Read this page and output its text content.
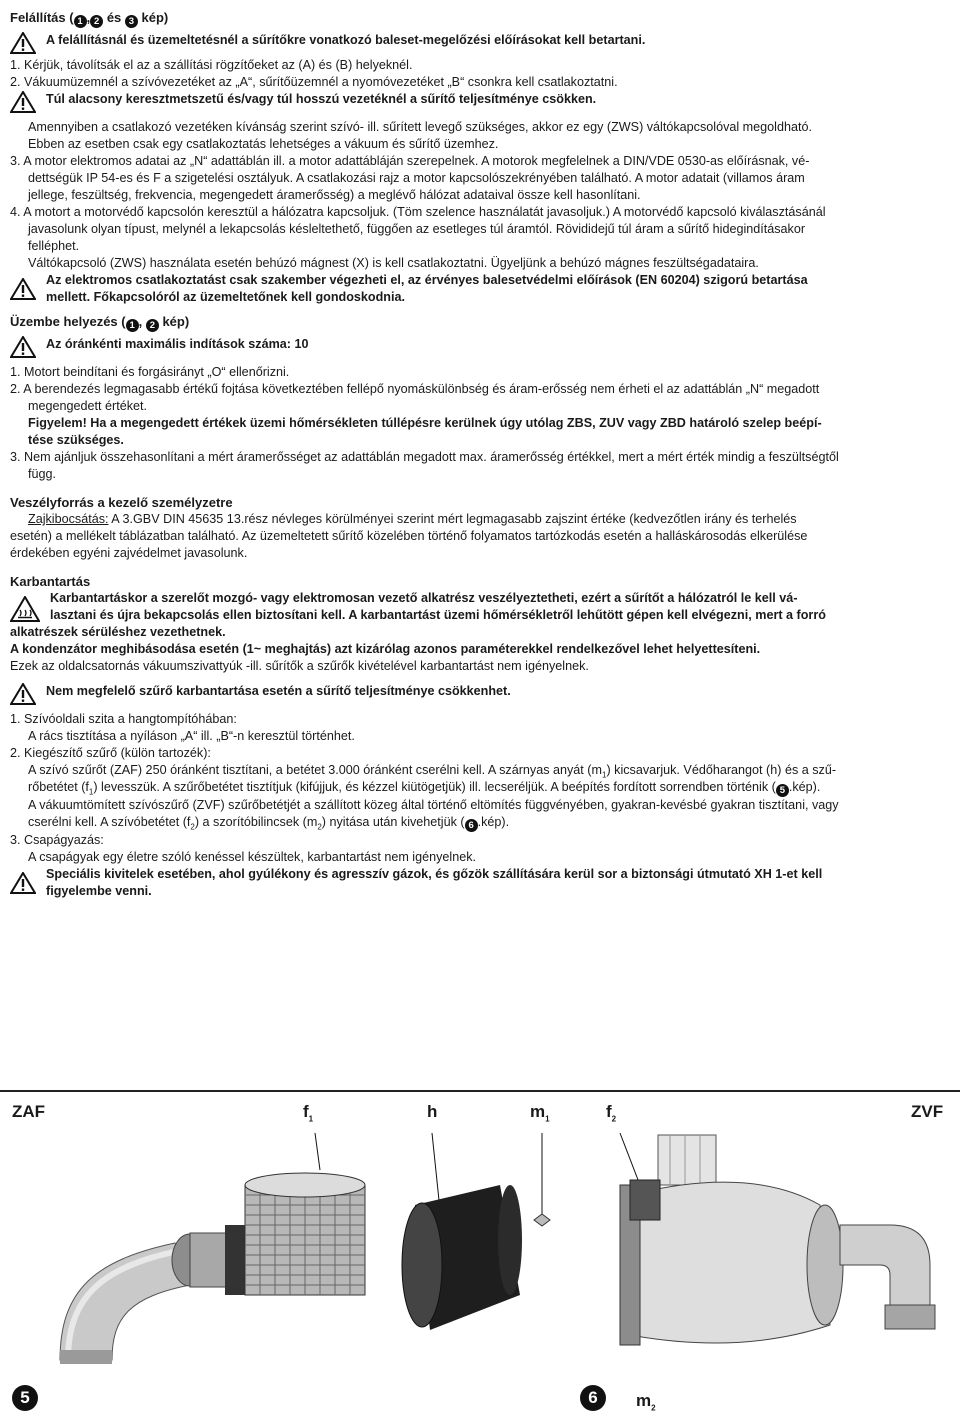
Felállítás ( 1 , 2 és 3 kép)

A felállításnál és üzemeltetésnél a sűrítőkre vonatkozó baleset-megelőzési előírásokat kell betartani.

1. Kérjük, távolítsák el az a szállítási rögzítőeket az (A) és (B) helyeknél.

2. Vákuumüzemnél a szívóvezetéket az „A“, sűrítőüzemnél a nyomóvezetéket „B“ csonkra kell csatlakoztatni.

Túl alacsony keresztmetszetű és/vagy túl hosszú vezetéknél a sűrítő teljesítménye csökken.

Amennyiben a csatlakozó vezetéken kívánság szerint szívó- ill. sűrített levegő szükséges, akkor ez egy (ZWS) váltókapcsolóval megoldható.

Ebben az esetben csak egy csatlakoztatás lehetséges a vákuum és sűrítő üzemhez.

3. A motor elektromos adatai az „N“ adattáblán ill. a motor adattábláján szerepelnek. A motorok megfelelnek a DIN/VDE 0530-as előírásnak, vé-

dettségük IP 54-es és F a szigetelési osztályuk. A csatlakozási rajz a motor kapcsolószekrényében található. A motor adatait (villamos áram

jellege, feszültség, frekvencia, megengedett áramerősség) a meglévő hálózat adataival össze kell hasonlítani.

4. A motort a motorvédő kapcsolón keresztül a hálózatra kapcsoljuk. (Töm szelence használatát javasoljuk.) A motorvédő kapcsoló kiválasztásánál

javasolunk olyan típust, melynél a lekapcsolás késleltethető, függően az esetleges túl áramtól. Rövididejű túl áram a sűrítő hidegindításakor

felléphet.

Váltókapcsoló (ZWS) használata esetén behúzó mágnest (X) is kell csatlakoztatni. Ügyeljünk a behúzó mágnes feszültségadataira.

Az elektromos csatlakoztatást csak szakember végezheti el, az érvényes balesetvédelmi előírások (EN 60204) szigorú betartása

mellett. Főkapcsolóról az üzemeltetőnek kell gondoskodnia.

Üzembe helyezés ( 1 , 2 kép)

Az óránkénti maximális indítások száma: 10

1. Motort beindítani és forgásirányt „O“ ellenőrizni.

2. A berendezés legmagasabb értékű fojtása következtében fellépő nyomáskülönbség és áram-erősség nem érheti el az adattáblán „N“ megadott

megengedett értéket.

Figyelem! Ha a megengedett értékek üzemi hőmérsékleten túllépésre kerülnek úgy utólag ZBS, ZUV vagy ZBD határoló szelep beépí-

tése szükséges.

3. Nem ajánljuk összehasonlítani a mért áramerősséget az adattáblán megadott max. áramerősség értékkel, mert a mért érték mindig a feszültségtől

függ.

Veszélyforrás a kezelő személyzetre

Zajkibocsátás: A 3.GBV DIN 45635 13.rész névleges körülményei szerint mért legmagasabb zajszint értéke (kedvezőtlen irány és terhelés

esetén) a mellékelt táblázatban található. Az üzemeltetett sűrítő közelében történő folyamatos tartózkodás esetén a halláskárosodás elkerülése

érdekében egyéni zajvédelmet javasolunk.

Karbantartás

Karbantartáskor a szerelőt mozgó- vagy elektromosan vezető alkatrész veszélyeztetheti, ezért a sűrítőt a hálózatról le kell vá-

lasztani és újra bekapcsolás ellen biztosítani kell. A karbantartást üzemi hőmérsékletről lehűtött gépen kell elvégezni, mert a forró

alkatrészek sérüléshez vezethetnek.

A kondenzátor meghibásodása esetén (1~ meghajtás) azt kizárólag azonos paraméterekkel rendelkezővel lehet helyettesíteni.

Ezek az oldalcsatornás vákuumszivattyúk -ill. sűrítők a szűrők kivételével karbantartást nem igényelnek.

Nem megfelelő szűrő karbantartása esetén a sűrítő teljesítménye csökkenhet.

1. Szívóoldali szita a hangtompítóhában:

A rács tisztítása a nyíláson „A“ ill. „B“-n keresztül történhet.

2. Kiegészítő szűrő (külön tartozék):

A szívó szűrőt (ZAF) 250 óránként tisztítani, a betétet 3.000 óránként cserélni kell. A szárnyas anyát $(m_1)$ kicsavarjuk. Védőharangot (h) és a szű-

rőbetétet $(f_1)$ levesszük. A szűrőbetétet tisztítjuk (kifújjuk, és kézzel kiütögetjük) ill. lecseréljük. A beépítés fordított sorrendben történik ( 5 .kép).

A vákuumtömített szívószűrő (ZVF) szűrőbetétjét a szállított közeg által történő eltömítés függvényében, gyakran-kevésbé gyakran tisztítani, vagy

cserélni kell. A szívóbetétet $(f_2)$ a szorítóbilincsek $(m_2)$ nyitása után kivehetjük ( 6 .kép).

3. Csapágyazás:

A csapágyak egy életre szóló kenéssel készültek, karbantartást nem igényelnek.

Speciális kivitelek esetében, ahol gyúlékony és agresszív gázok, és gőzök szállítására kerül sor a biztonsági útmutató XH 1-et kell

figyelembe venni.

ZAF	$f_1$	h	$m_1$	$f_2$	ZVF
5	6	$m_2$
